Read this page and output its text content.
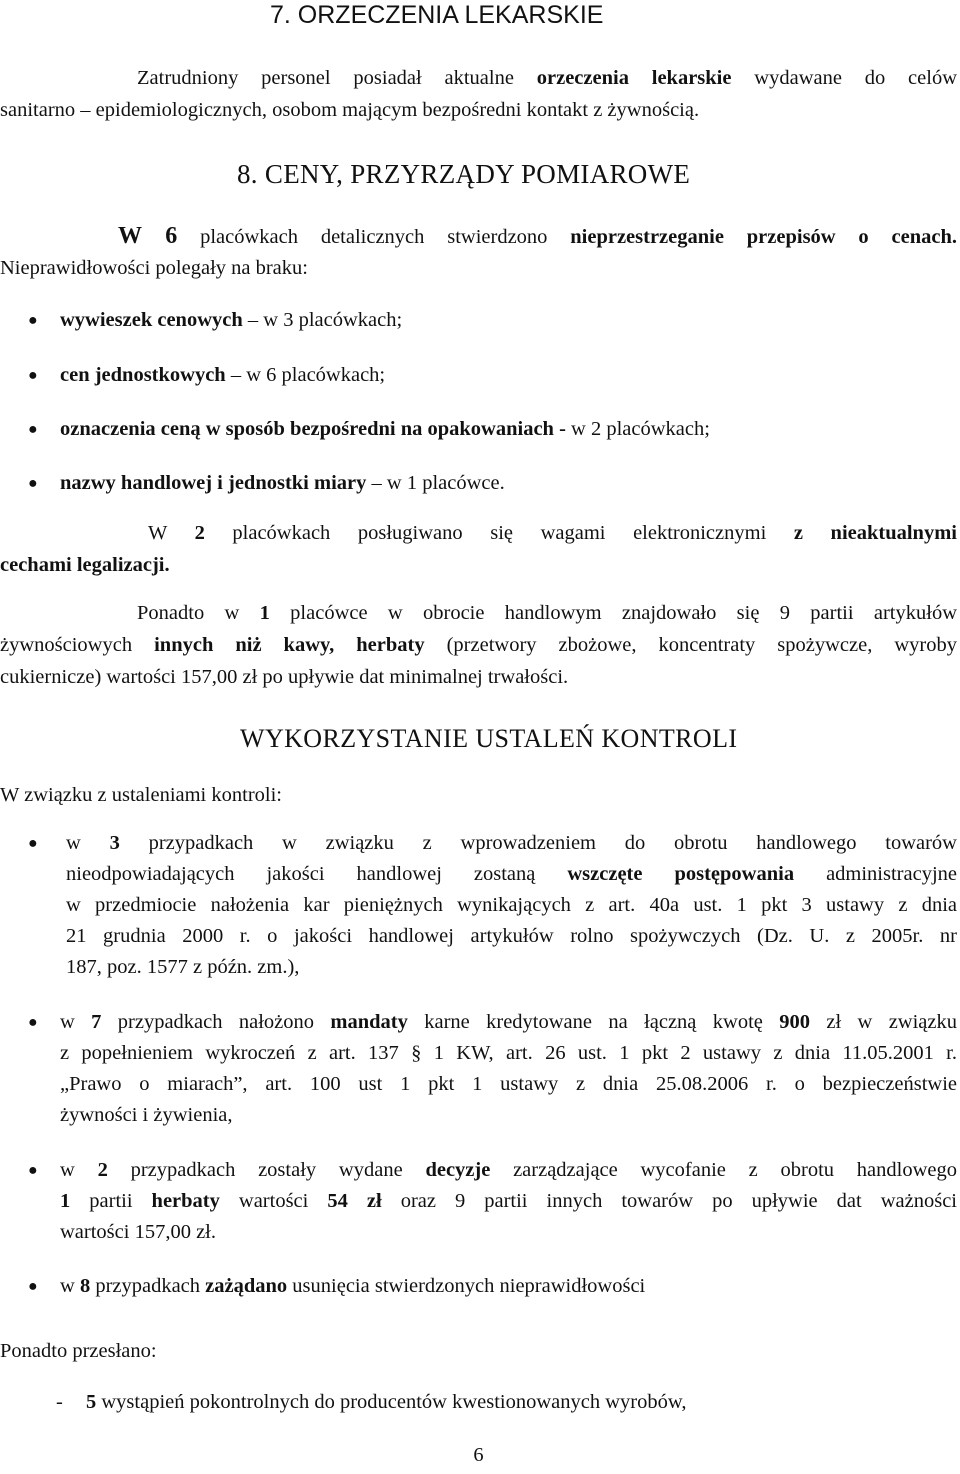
7. ORZECZENIA LEKARSKIE
Zatrudniony personel posiadał aktualne orzeczenia lekarskie wydawane do celów
sanitarno – epidemiologicznych, osobom mającym bezpośredni kontakt z żywnością.
8. CENY, PRZYRZĄDY POMIAROWE
W 6 placówkach detalicznych stwierdzono nieprzestrzeganie przepisów o cenach.
Nieprawidłowości polegały na braku:
● wywieszek cenowych – w 3 placówkach;
● cen jednostkowych – w 6 placówkach;
● oznaczenia ceną w sposób bezpośredni na opakowaniach - w 2 placówkach;
● nazwy handlowej i jednostki miary – w 1 placówce.
W 2 placówkach posługiwano się wagami elektronicznymi z nieaktualnymi
cechami legalizacji.
Ponadto w 1 placówce w obrocie handlowym znajdowało się 9 partii artykułów
żywnościowych innych niż kawy, herbaty (przetwory zbożowe, koncentraty spożywcze, wyroby
cukiernicze) wartości 157,00 zł po upływie dat minimalnej trwałości.
WYKORZYSTANIE USTALEŃ KONTROLI
W związku z ustaleniami kontroli:
● w 3 przypadkach w związku z wprowadzeniem do obrotu handlowego towarów
nieodpowiadających jakości handlowej zostaną wszczęte postępowania administracyjne
w przedmiocie nałożenia kar pieniężnych wynikających z art. 40a ust. 1 pkt 3 ustawy z dnia
21 grudnia 2000 r. o jakości handlowej artykułów rolno spożywczych (Dz. U. z 2005r. nr
187, poz. 1577 z późn. zm.),
● w 7 przypadkach nałożono mandaty karne kredytowane na łączną kwotę 900 zł w związku
z popełnieniem wykroczeń z art. 137 § 1 KW, art. 26 ust. 1 pkt 2 ustawy z dnia 11.05.2001 r.
„Prawo o miarach”, art. 100 ust 1 pkt 1 ustawy z dnia 25.08.2006 r. o bezpieczeństwie
żywności i żywienia,
● w 2 przypadkach zostały wydane decyzje zarządzające wycofanie z obrotu handlowego
1 partii herbaty wartości 54 zł oraz 9 partii innych towarów po upływie dat ważności
wartości 157,00 zł.
● w 8 przypadkach zażądano usunięcia stwierdzonych nieprawidłowości
Ponadto przesłano:
- 5 wystąpień pokontrolnych do producentów kwestionowanych wyrobów,
6
